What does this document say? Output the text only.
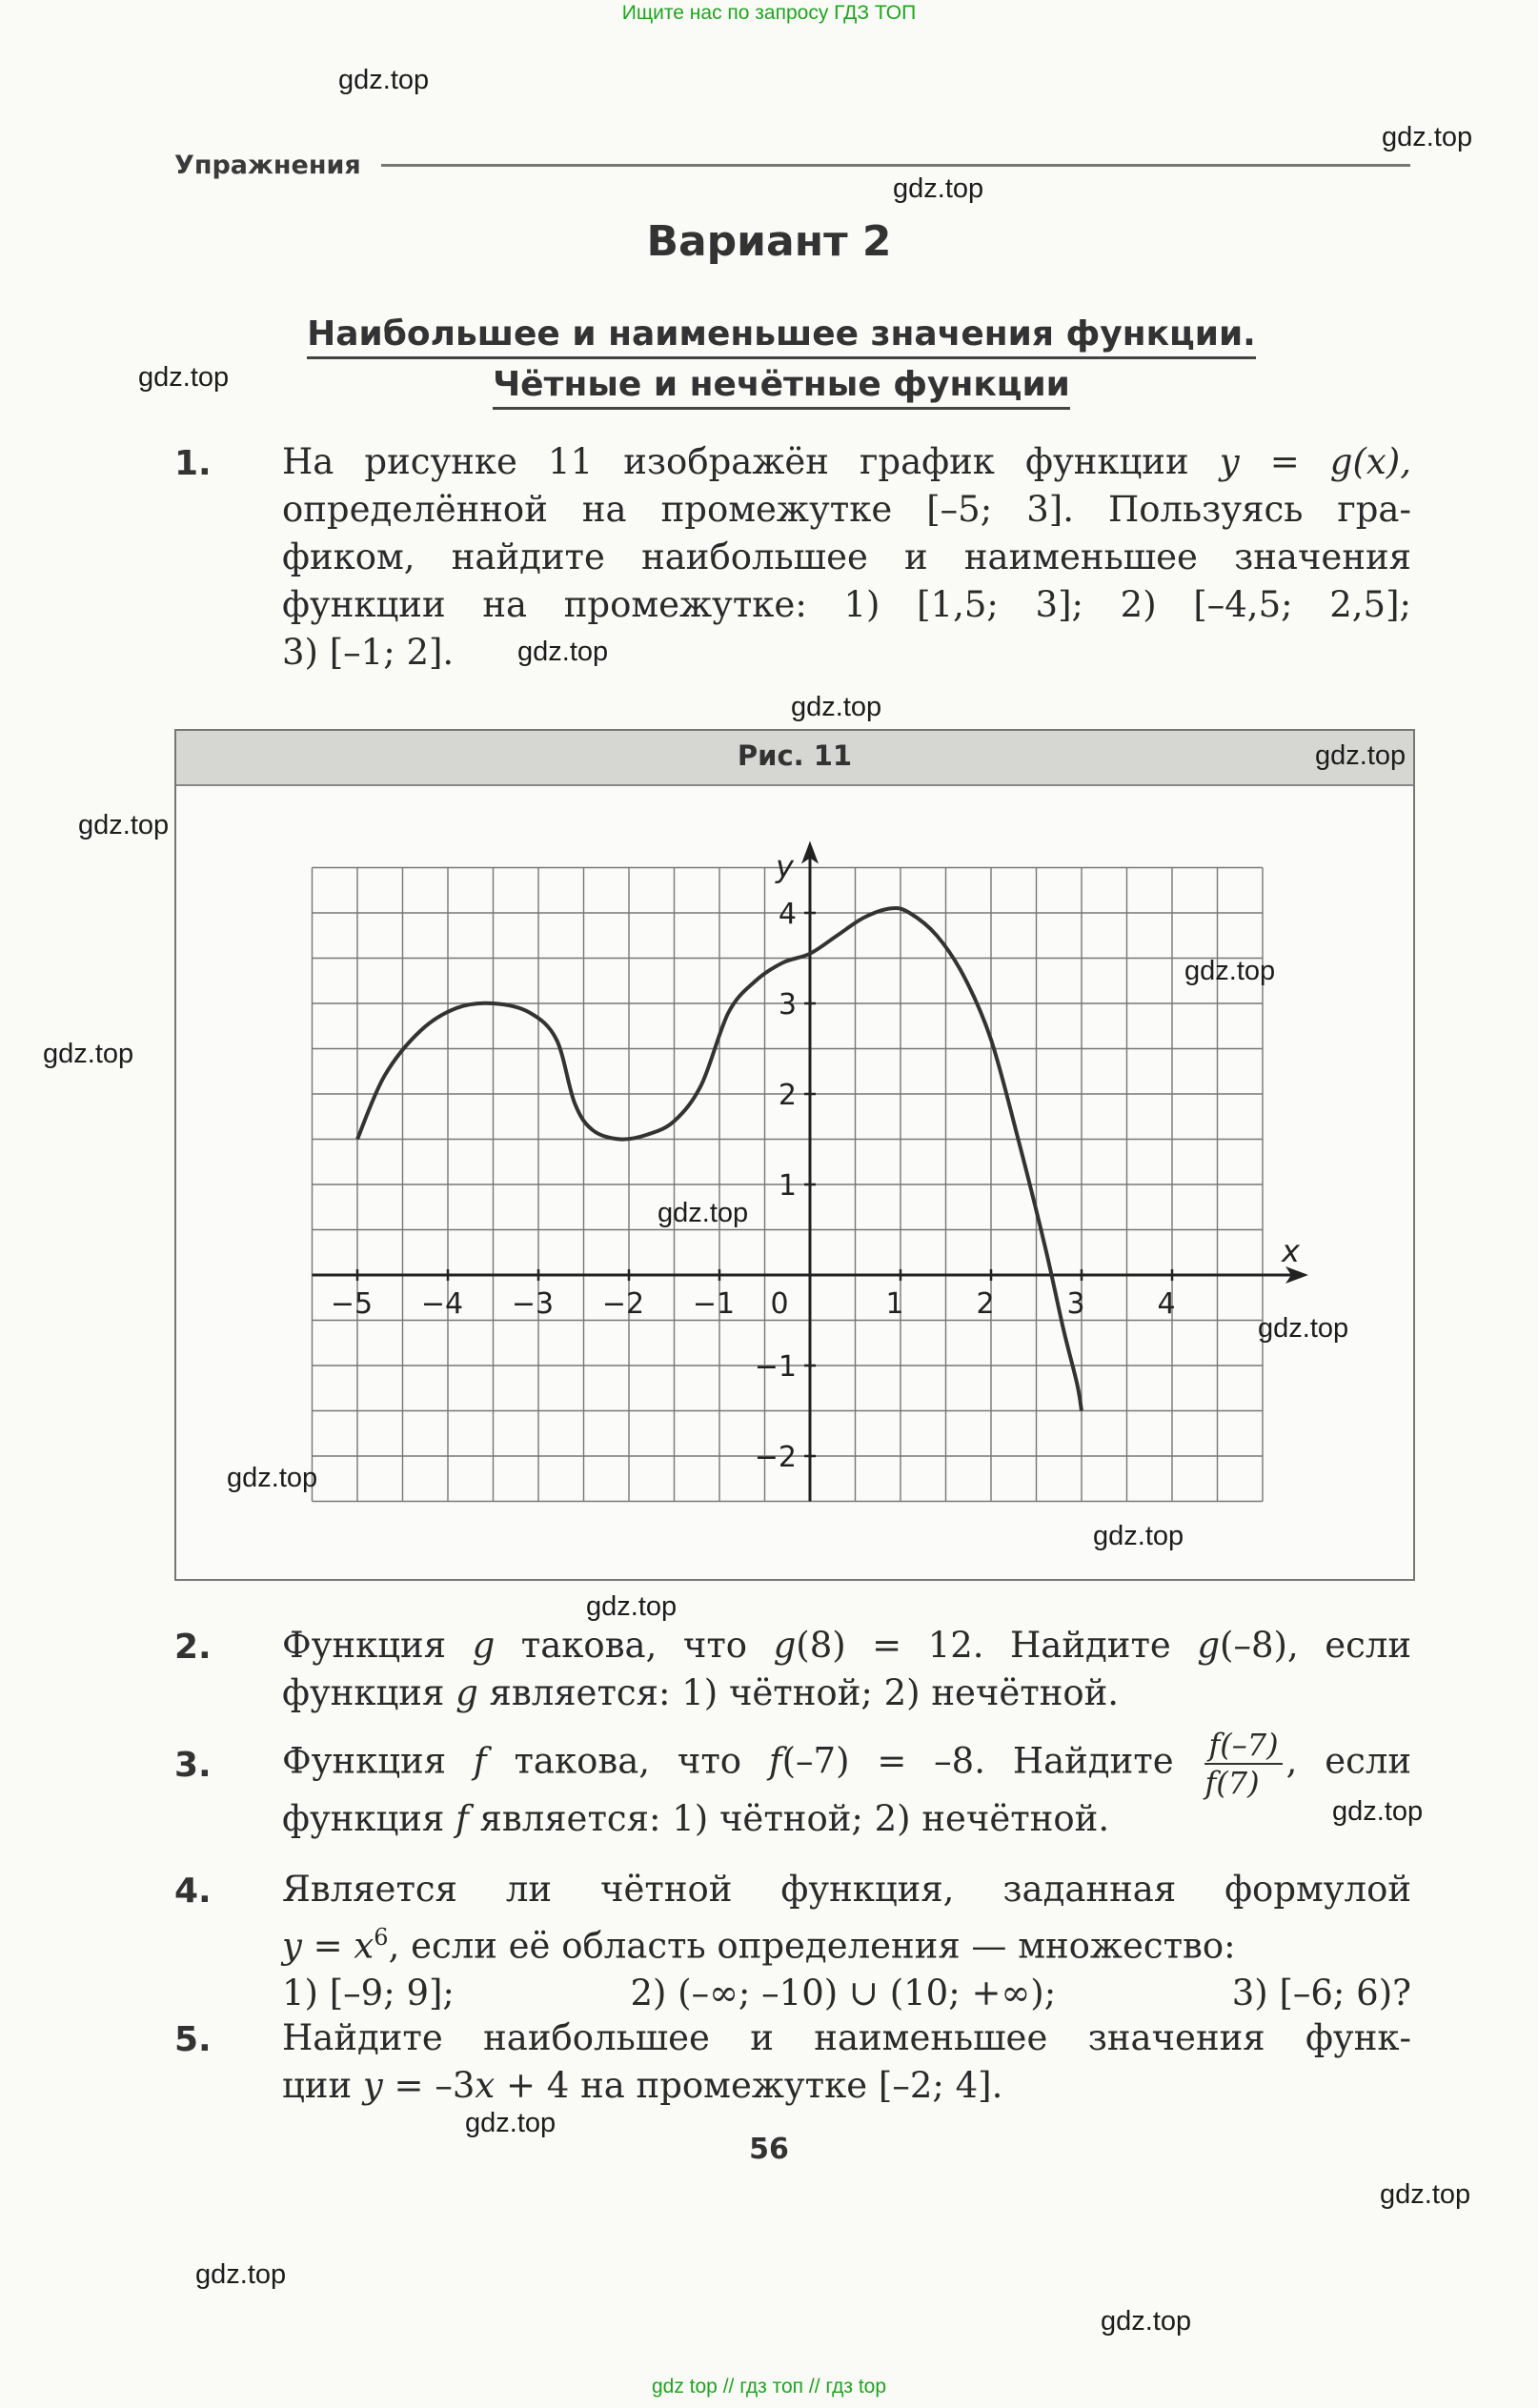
Ищите нас по запросу ГДЗ ТОП
Упражнения
Вариант 2
Наибольшее и наименьшее значения функции.
Чётные и нечётные функции
1. На рисунке 11 изображён график функции y = g(x),
определённой на промежутке [–5; 3]. Пользуясь гра-
фиком, найдите наибольшее и наименьшее значения
функции на промежутке: 1) [1,5; 3]; 2) [–4,5; 2,5];
3) [–1; 2].
Рис. 11
x
y
−5 −4 −3 −2 −1 0	1	2	3	4
−2
−1
1
2
3
4
2. Функция g такова, что g(8) = 12. Найдите g(–8), если
функция g является: 1) чётной; 2) нечётной.
3. Функция f такова, что f(–7) = –8. Найдите $\frac{f(-7)}{f(7)}$ , если
функция f является: 1) чётной; 2) нечётной.
4. Является ли чётной функция, заданная формулой
$y = x^6$, если её область определения — множество:
1) [–9; 9];	2) (–∞; –10) ∪ (10; +∞);	3) [–6; 6)?
5. Найдите наибольшее и наименьшее значения функ-
ции y = –3x + 4 на промежутке [–2; 4].
56
gdz.top
gdz.top
gdz.top
gdz.top
gdz.top
gdz.top
gdz.top
gdz.top
gdz.top
gdz.top
gdz.top
gdz.top
gdz.top
gdz.top
gdz.top
gdz.top
gdz.top
gdz.top
gdz.top
gdz.top
gdz top // гдз топ // гдз top
